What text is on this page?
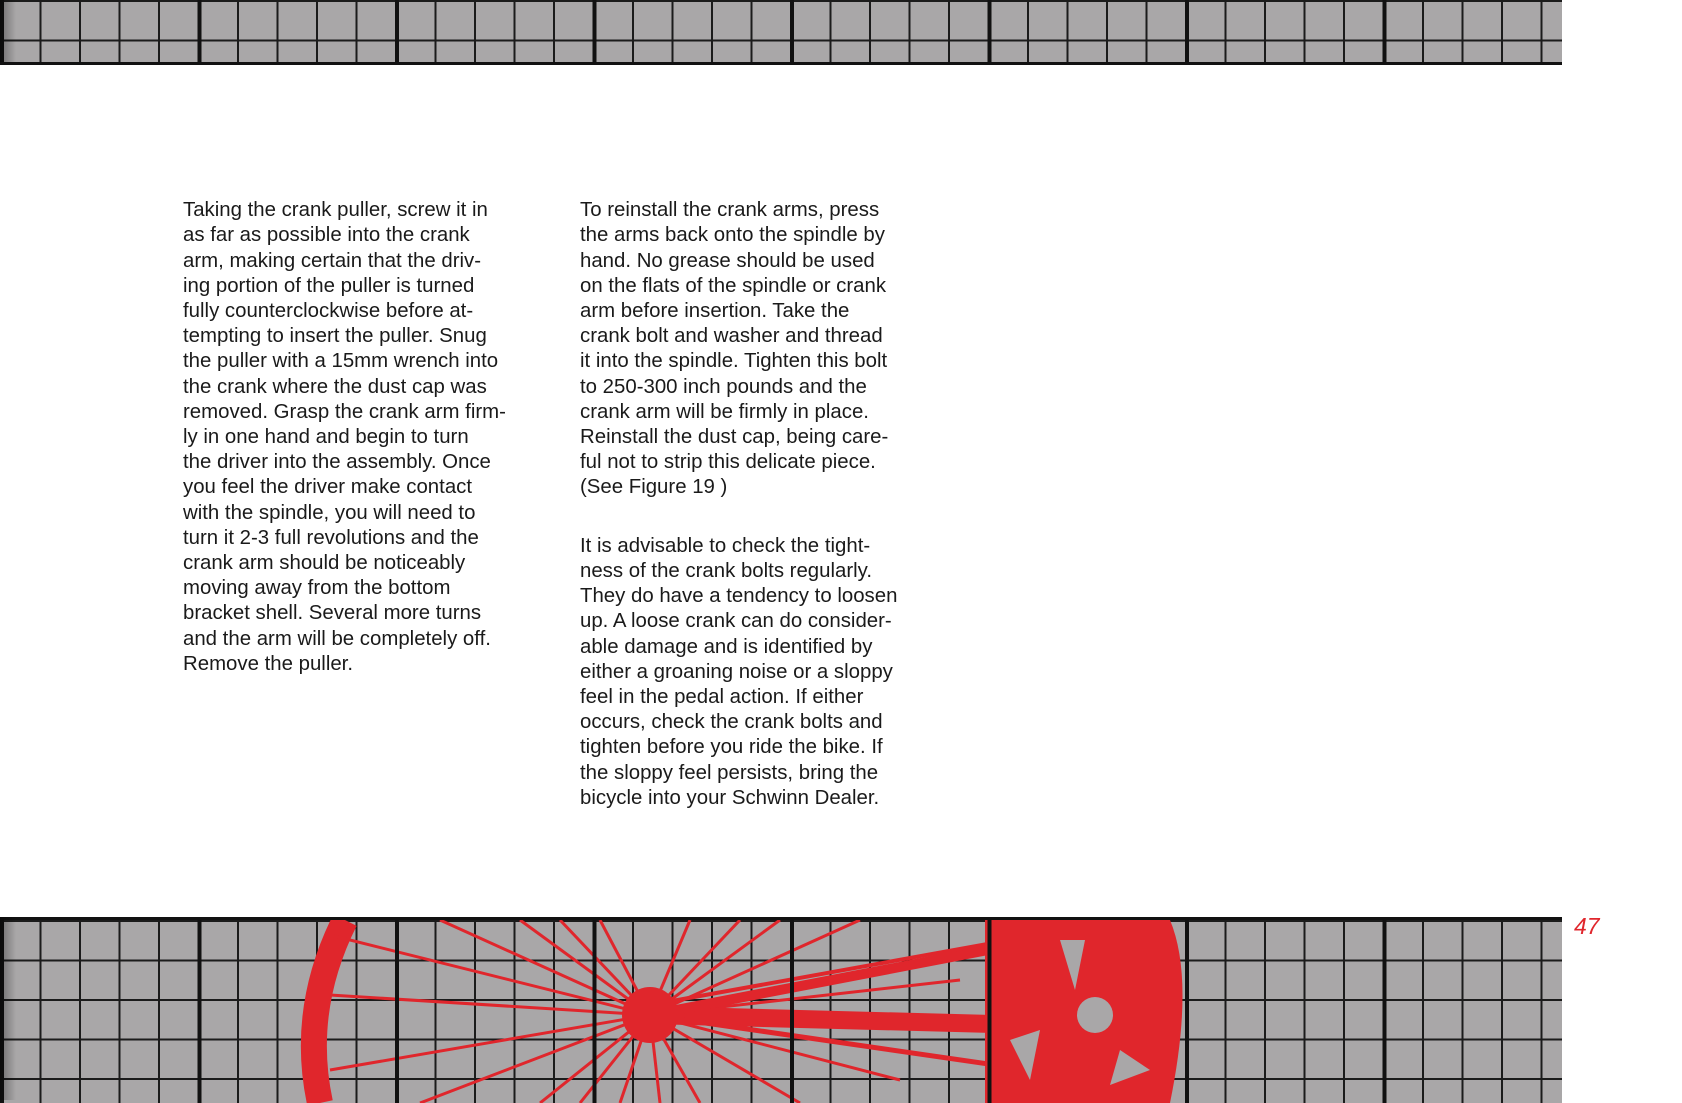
Taking the crank puller, screw it in
as far as possible into the crank
arm, making certain that the driv-
ing portion of the puller is turned
fully counterclockwise before at-
tempting to insert the puller. Snug
the puller with a 15mm wrench into
the crank where the dust cap was
removed. Grasp the crank arm firm-
ly in one hand and begin to turn
the driver into the assembly. Once
you feel the driver make contact
with the spindle, you will need to
turn it 2-3 full revolutions and the
crank arm should be noticeably
moving away from the bottom
bracket shell. Several more turns
and the arm will be completely off.
Remove the puller.

To reinstall the crank arms, press
the arms back onto the spindle by
hand. No grease should be used
on the flats of the spindle or crank
arm before insertion. Take the
crank bolt and washer and thread
it into the spindle. Tighten this bolt
to 250-300 inch pounds and the
crank arm will be firmly in place.
Reinstall the dust cap, being care-
ful not to strip this delicate piece.
(See Figure 19 )

It is advisable to check the tight-
ness of the crank bolts regularly.
They do have a tendency to loosen
up. A loose crank can do consider-
able damage and is identified by
either a groaning noise or a sloppy
feel in the pedal action. If either
occurs, check the crank bolts and
tighten before you ride the bike. If
the sloppy feel persists, bring the
bicycle into your Schwinn Dealer.

47
